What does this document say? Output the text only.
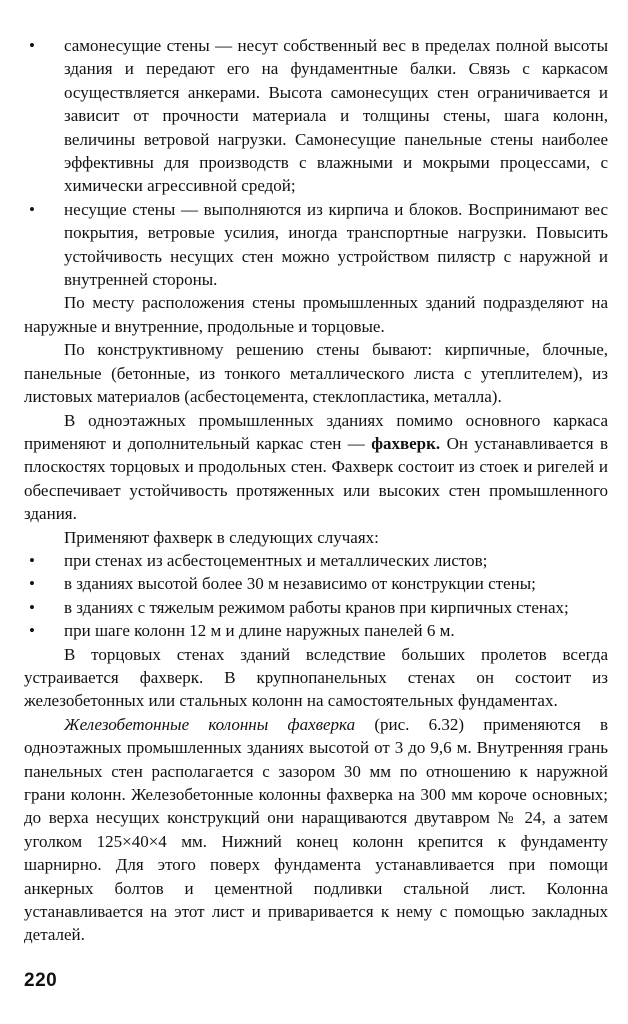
• самонесущие стены — несут собственный вес в пределах полной высоты здания и передают его на фундаментные балки. Связь с каркасом осуществляется анкерами. Высота самонесущих стен ограничивается и зависит от прочности материала и толщины стены, шага колонн, величины ветровой нагрузки. Самонесущие панельные стены наиболее эффективны для производств с влажными и мокрыми процессами, с химически агрессивной средой;

• несущие стены — выполняются из кирпича и блоков. Воспринимают вес покрытия, ветровые усилия, иногда транспортные нагрузки. Повысить устойчивость несущих стен можно устройством пилястр с наружной и внутренней стороны.

По месту расположения стены промышленных зданий подразделяют на наружные и внутренние, продольные и торцовые.

По конструктивному решению стены бывают: кирпичные, блочные, панельные (бетонные, из тонкого металлического листа с утеплителем), из листовых материалов (асбестоцемента, стеклопластика, металла).

В одноэтажных промышленных зданиях помимо основного каркаса применяют и дополнительный каркас стен — фахверк. Он устанавливается в плоскостях торцовых и продольных стен. Фахверк состоит из стоек и ригелей и обеспечивает устойчивость протяженных или высоких стен промышленного здания.

Применяют фахверк в следующих случаях:

• при стенах из асбестоцементных и металлических листов;

• в зданиях высотой более 30 м независимо от конструкции стены;

• в зданиях с тяжелым режимом работы кранов при кирпичных стенах;

• при шаге колонн 12 м и длине наружных панелей 6 м.

В торцовых стенах зданий вследствие больших пролетов всегда устраивается фахверк. В крупнопанельных стенах он состоит из железобетонных или стальных колонн на самостоятельных фундаментах.

Железобетонные колонны фахверка (рис. 6.32) применяются в одноэтажных промышленных зданиях высотой от 3 до 9,6 м. Внутренняя грань панельных стен располагается с зазором 30 мм по отношению к наружной грани колонн. Железобетонные колонны фахверка на 300 мм короче основных; до верха несущих конструкций они наращиваются двутавром № 24, а затем уголком 125×40×4 мм. Нижний конец колонн крепится к фундаменту шарнирно. Для этого поверх фундамента устанавливается при помощи анкерных болтов и цементной подливки стальной лист. Колонна устанавливается на этот лист и приваривается к нему с помощью закладных деталей.

220
